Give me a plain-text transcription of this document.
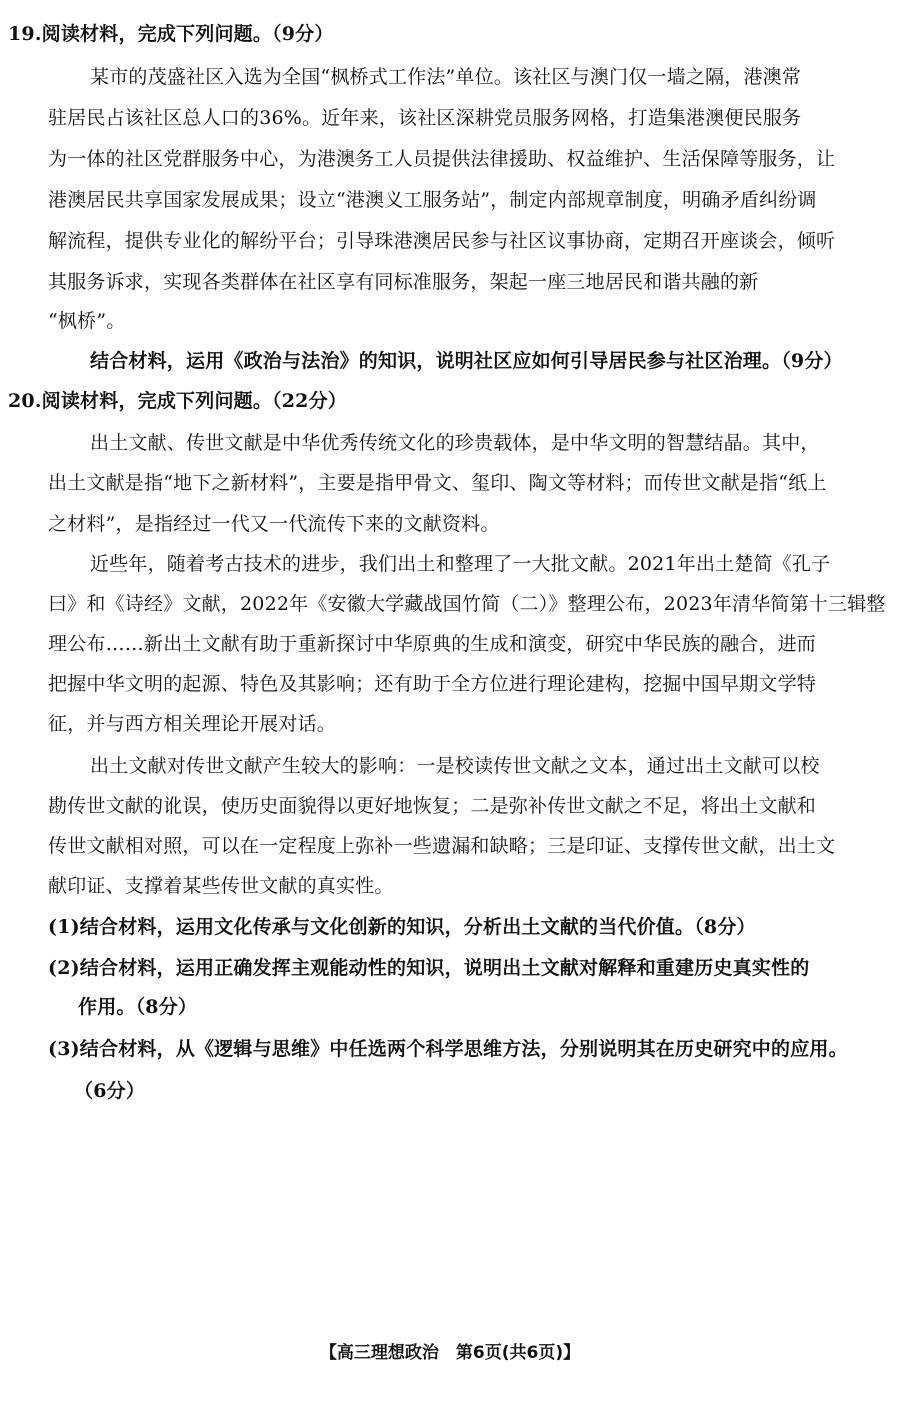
19.阅读材料，完成下列问题。（9分）
某市的茂盛社区入选为全国“枫桥式工作法”单位。该社区与澳门仅一墙之隔，港澳常
驻居民占该社区总人口的36%。近年来，该社区深耕党员服务网格，打造集港澳便民服务
为一体的社区党群服务中心，为港澳务工人员提供法律援助、权益维护、生活保障等服务，让
港澳居民共享国家发展成果；设立“港澳义工服务站”，制定内部规章制度，明确矛盾纠纷调
解流程，提供专业化的解纷平台；引导珠港澳居民参与社区议事协商，定期召开座谈会，倾听
其服务诉求，实现各类群体在社区享有同标准服务，架起一座三地居民和谐共融的新
“枫桥”。
结合材料，运用《政治与法治》的知识，说明社区应如何引导居民参与社区治理。（9分）
20.阅读材料，完成下列问题。（22分）
出土文献、传世文献是中华优秀传统文化的珍贵载体，是中华文明的智慧结晶。其中，
出土文献是指“地下之新材料”，主要是指甲骨文、玺印、陶文等材料；而传世文献是指“纸上
之材料”，是指经过一代又一代流传下来的文献资料。
近些年，随着考古技术的进步，我们出土和整理了一大批文献。2021年出土楚简《孔子
曰》和《诗经》文献，2022年《安徽大学藏战国竹简（二）》整理公布，2023年清华简第十三辑整
理公布……新出土文献有助于重新探讨中华原典的生成和演变，研究中华民族的融合，进而
把握中华文明的起源、特色及其影响；还有助于全方位进行理论建构，挖掘中国早期文学特
征，并与西方相关理论开展对话。
出土文献对传世文献产生较大的影响：一是校读传世文献之文本，通过出土文献可以校
勘传世文献的讹误，使历史面貌得以更好地恢复；二是弥补传世文献之不足，将出土文献和
传世文献相对照，可以在一定程度上弥补一些遗漏和缺略；三是印证、支撑传世文献，出土文
献印证、支撑着某些传世文献的真实性。
(1)结合材料，运用文化传承与文化创新的知识，分析出土文献的当代价值。（8分）
(2)结合材料，运用正确发挥主观能动性的知识，说明出土文献对解释和重建历史真实性的
作用。（8分）
(3)结合材料，从《逻辑与思维》中任选两个科学思维方法，分别说明其在历史研究中的应用。
（6分）
【高三理想政治　第6页(共6页)】
